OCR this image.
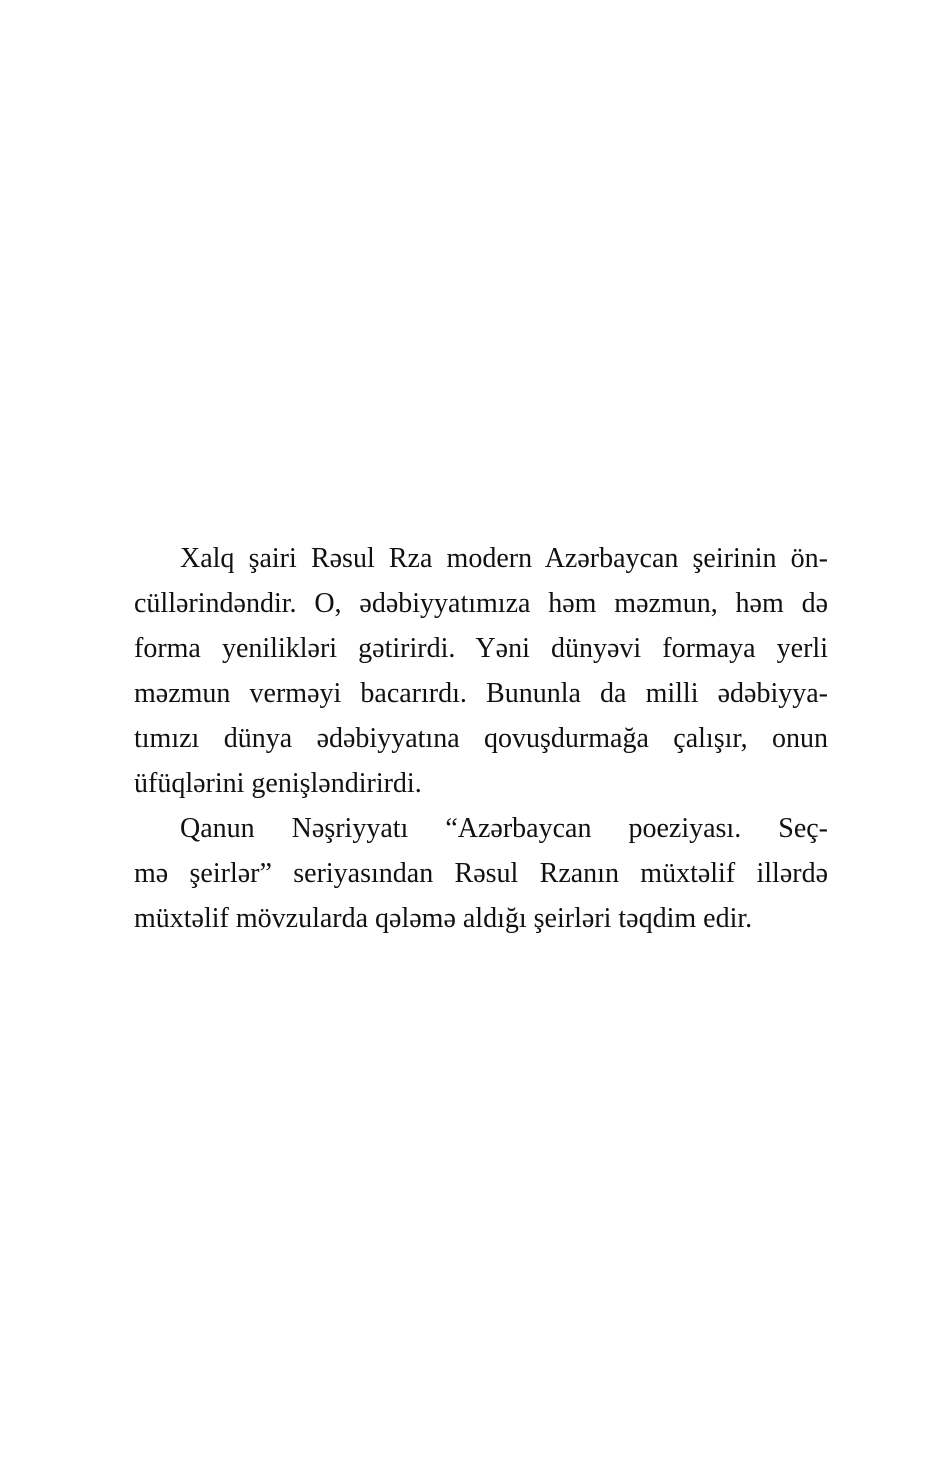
Xalq şairi Rəsul Rza modern Azərbaycan şeirinin ön-
cüllərindəndir. O, ədəbiyyatımıza həm məzmun, həm də
forma yenilikləri gətirirdi. Yəni dünyəvi formaya yerli
məzmun verməyi bacarırdı. Bununla da milli ədəbiyya-
tımızı dünya ədəbiyyatına qovuşdurmağa çalışır, onun
üfüqlərini genişləndirirdi.
Qanun Nəşriyyatı “Azərbaycan poeziyası. Seç-
mə şeirlər” seriyasından Rəsul Rzanın müxtəlif illərdə
müxtəlif mövzularda qələmə aldığı şeirləri təqdim edir.
